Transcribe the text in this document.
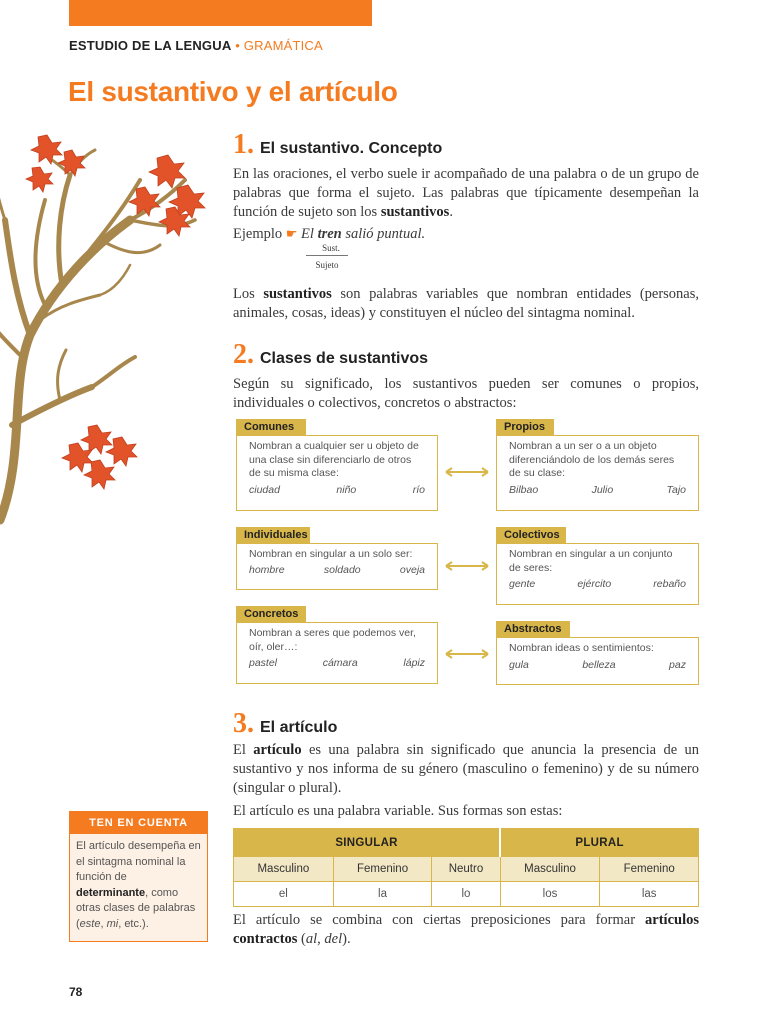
ESTUDIO DE LA LENGUA • GRAMÁTICA
El sustantivo y el artículo
1. El sustantivo. Concepto
En las oraciones, el verbo suele ir acompañado de una palabra o de un grupo de palabras que forma el sujeto. Las palabras que típicamente desempeñan la función de sujeto son los sustantivos.
Ejemplo ☛ El tren salió puntual.
Sust.
Sujeto
Los sustantivos son palabras variables que nombran entidades (personas, animales, cosas, ideas) y constituyen el núcleo del sintagma nominal.
2. Clases de sustantivos
Según su significado, los sustantivos pueden ser comunes o propios, individuales o colectivos, concretos o abstractos:
Comunes
Nombran a cualquier ser u objeto de una clase sin diferenciarlo de otros de su misma clase:
ciudad	niño	río
Propios
Nombran a un ser o a un objeto diferenciándolo de los demás seres de su clase:
Bilbao	Julio	Tajo
Individuales
Nombran en singular a un solo ser:
hombre	soldado	oveja
Colectivos
Nombran en singular a un conjunto de seres:
gente	ejército	rebaño
Concretos
Nombran a seres que podemos ver, oír, oler…:
pastel	cámara	lápiz
Abstractos
Nombran ideas o sentimientos:
gula	belleza	paz
3. El artículo
El artículo es una palabra sin significado que anuncia la presencia de un sustantivo y nos informa de su género (masculino o femenino) y de su número (singular o plural).
El artículo es una palabra variable. Sus formas son estas:
SINGULAR			PLURAL	
Masculino	Femenino	Neutro	Masculino	Femenino
el	la	lo	los	las
El artículo se combina con ciertas preposiciones para formar artículos contractos (al, del).
TEN EN CUENTA
El artículo desempeña en el sintagma nominal la función de determinante, como otras clases de palabras (este, mi, etc.).
78
